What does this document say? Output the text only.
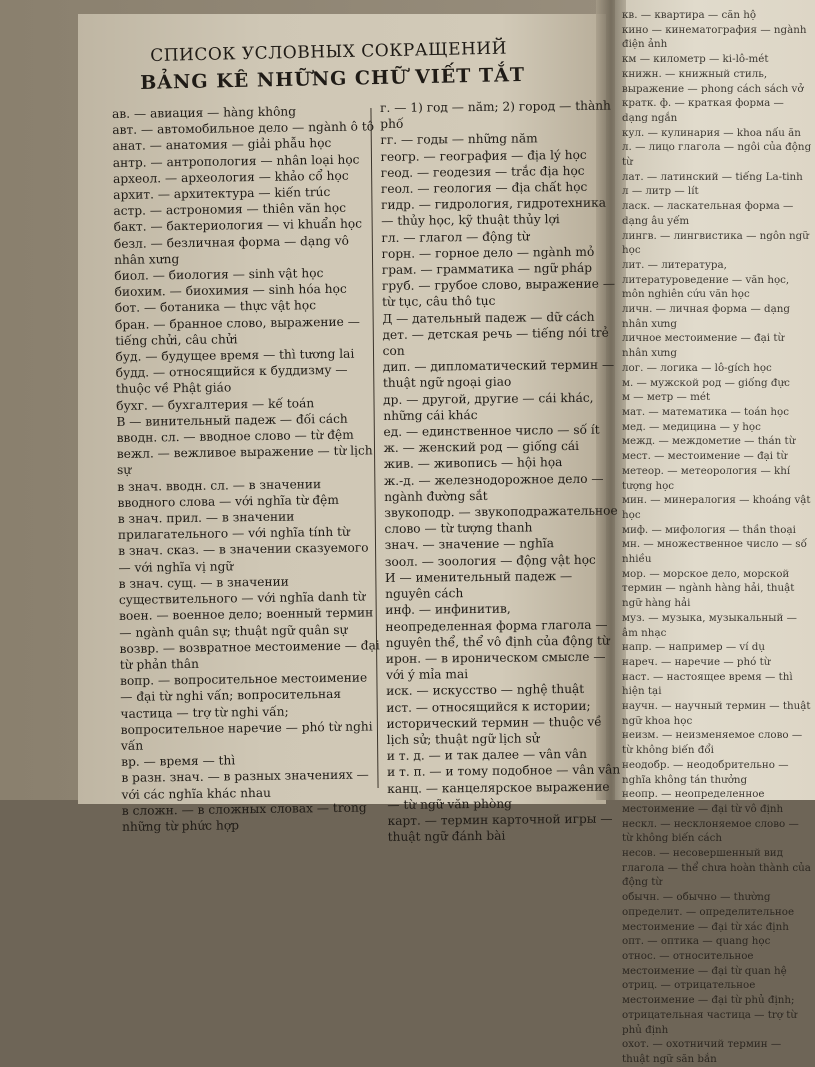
СПИСОК УСЛОВНЫХ СОКРАЩЕНИЙ
BẢNG KÊ NHỮNG CHỮ VIẾT TẮT
ав. — авиация — hàng không
авт. — автомобильное дело — ngành ô tô
анат. — анатомия — giải phẫu học
антр. — антропология — nhân loại học
археол. — археология — khảo cổ học
архит. — архитектура — kiến trúc
астр. — астрономия — thiên văn học
бакт. — бактериология — vi khuẩn học
безл. — безличная форма — dạng vô nhân xưng
биол. — биология — sinh vật học
биохим. — биохимия — sinh hóa học
бот. — ботаника — thực vật học
бран. — бранное слово, выражение — tiếng chửi, câu chửi
буд. — будущее время — thì tương lai
будд. — относящийся к буддизму — thuộc về Phật giáo
бухг. — бухгалтерия — kế toán
В — винительный падеж — đối cách
вводн. сл. — вводное слово — từ đệm
вежл. — вежливое выражение — từ lịch sự
в знач. вводн. сл. — в значении вводного слова — với nghĩa từ đệm
в знач. прил. — в значении прилагательного — với nghĩa tính từ
в знач. сказ. — в значении сказуемого — với nghĩa vị ngữ
в знач. сущ. — в значении существительного — với nghĩa danh từ
воен. — военное дело; военный термин — ngành quân sự; thuật ngữ quân sự
возвр. — возвратное местоимение — đại từ phản thân
вопр. — вопросительное местоимение — đại từ nghi vấn; вопросительная частица — trợ từ nghi vấn; вопросительное наречие — phó từ nghi vấn
вр. — время — thì
в разн. знач. — в разных значениях — với các nghĩa khác nhau
в сложн. — в сложных словах — trong những từ phức hợp
г. — 1) год — năm; 2) город — thành phố
гг. — годы — những năm
геогр. — география — địa lý học
геод. — геодезия — trắc địa học
геол. — геология — địa chất học
гидр. — гидрология, гидротехника — thủy học, kỹ thuật thủy lợi
гл. — глагол — động từ
горн. — горное дело — ngành mỏ
грам. — грамматика — ngữ pháp
груб. — грубое слово, выражение — từ tục, câu thô tục
Д — дательный падеж — dữ cách
дет. — детская речь — tiếng nói trẻ con
дип. — дипломатический термин — thuật ngữ ngoại giao
др. — другой, другие — cái khác, những cái khác
ед. — единственное число — số ít
ж. — женский род — giống cái
жив. — живопись — hội họa
ж.-д. — железнодорожное дело — ngành đường sắt
звукоподр. — звукоподражательное слово — từ tượng thanh
знач. — значение — nghĩa
зоол. — зоология — động vật học
И — именительный падеж — nguyên cách
инф. — инфинитив, неопределенная форма глагола — nguyên thể, thể vô định của động từ
ирон. — в ироническом смысле — với ý mỉa mai
иск. — искусство — nghệ thuật
ист. — относящийся к истории; исторический термин — thuộc về lịch sử; thuật ngữ lịch sử
и т. д. — и так далее — vân vân
и т. п. — и тому подобное — vân vân
канц. — канцелярское выражение — từ ngữ văn phòng
карт. — термин карточной игры — thuật ngữ đánh bài
кв. — квартира — căn hộ
кино — кинематография — ngành điện ảnh
км — километр — ki-lô-mét
книжн. — книжный стиль, выражение — phong cách sách vở
кратк. ф. — краткая форма — dạng ngắn
кул. — кулинария — khoa nấu ăn
л. — лицо глагола — ngôi của động từ
лат. — латинский — tiếng La-tinh
л — литр — lít
ласк. — ласкательная форма — dạng âu yếm
лингв. — лингвистика — ngôn ngữ học
лит. — литература, литературоведение — văn học, môn nghiên cứu văn học
личн. — личная форма — dạng nhân xưng
личное местоимение — đại từ nhân xưng
лог. — логика — lô-gích học
м. — мужской род — giống đực
м — метр — mét
мат. — математика — toán học
мед. — медицина — y học
межд. — междометие — thán từ
мест. — местоимение — đại từ
метеор. — метеорология — khí tượng học
мин. — минералогия — khoáng vật học
миф. — мифология — thần thoại
мн. — множественное число — số nhiều
мор. — морское дело, морской термин — ngành hàng hải, thuật ngữ hàng hải
муз. — музыка, музыкальный — âm nhạc
напр. — например — ví dụ
нареч. — наречие — phó từ
наст. — настоящее время — thì hiện tại
научн. — научный термин — thuật ngữ khoa học
неизм. — неизменяемое слово — từ không biến đổi
неодобр. — неодобрительно — nghĩa không tán thưởng
неопр. — неопределенное местоимение — đại từ vô định
нескл. — несклоняемое слово — từ không biến cách
несов. — несовершенный вид глагола — thể chưa hoàn thành của động từ
обычн. — обычно — thường
определит. — определительное местоимение — đại từ xác định
опт. — оптика — quang học
относ. — относительное местоимение — đại từ quan hệ
отриц. — отрицательное местоимение — đại từ phủ định; отрицательная частица — trợ từ phủ định
охот. — охотничий термин — thuật ngữ săn bắn
